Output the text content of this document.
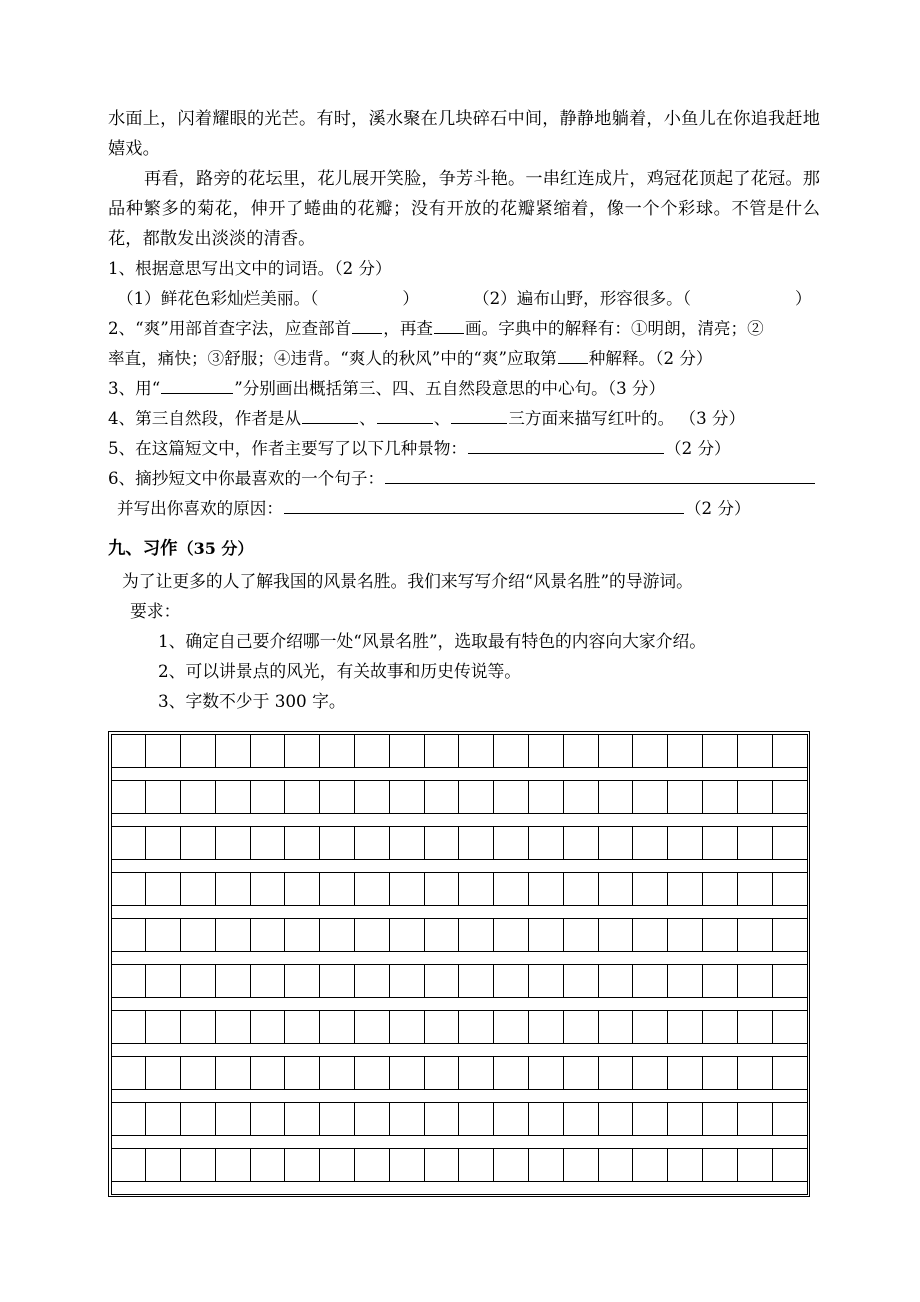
水面上，闪着耀眼的光芒。有时，溪水聚在几块碎石中间，静静地躺着，小鱼儿在你追我赶地嬉戏。

再看，路旁的花坛里，花儿展开笑脸，争芳斗艳。一串红连成片，鸡冠花顶起了花冠。那品种繁多的菊花，伸开了蜷曲的花瓣；没有开放的花瓣紧缩着，像一个个彩球。不管是什么花，都散发出淡淡的清香。

1、根据意思写出文中的词语。（2 分）

（1）鲜花色彩灿烂美丽。（	）	（2）遍布山野，形容很多。（	）

2、“爽”用部首查字法，应查部首 ，再查 画。字典中的解释有：①明朗，清亮；②

率直，痛快；③舒服；④违背。“爽人的秋风”中的“爽”应取第 种解释。（2 分）

3、用“	”分别画出概括第三、四、五自然段意思的中心句。（3 分）

4、第三自然段，作者是从	、	、	三方面来描写红叶的。 （3 分）

5、在这篇短文中，作者主要写了以下几种景物：	（2 分）

6、摘抄短文中你最喜欢的一个句子：

并写出你喜欢的原因：	（2 分）

九、习作（35 分）

为了让更多的人了解我国的风景名胜。我们来写写介绍“风景名胜”的导游词。

要求：

1、确定自己要介绍哪一处“风景名胜”，选取最有特色的内容向大家介绍。

2、可以讲景点的风光，有关故事和历史传说等。

3、字数不少于 300 字。
